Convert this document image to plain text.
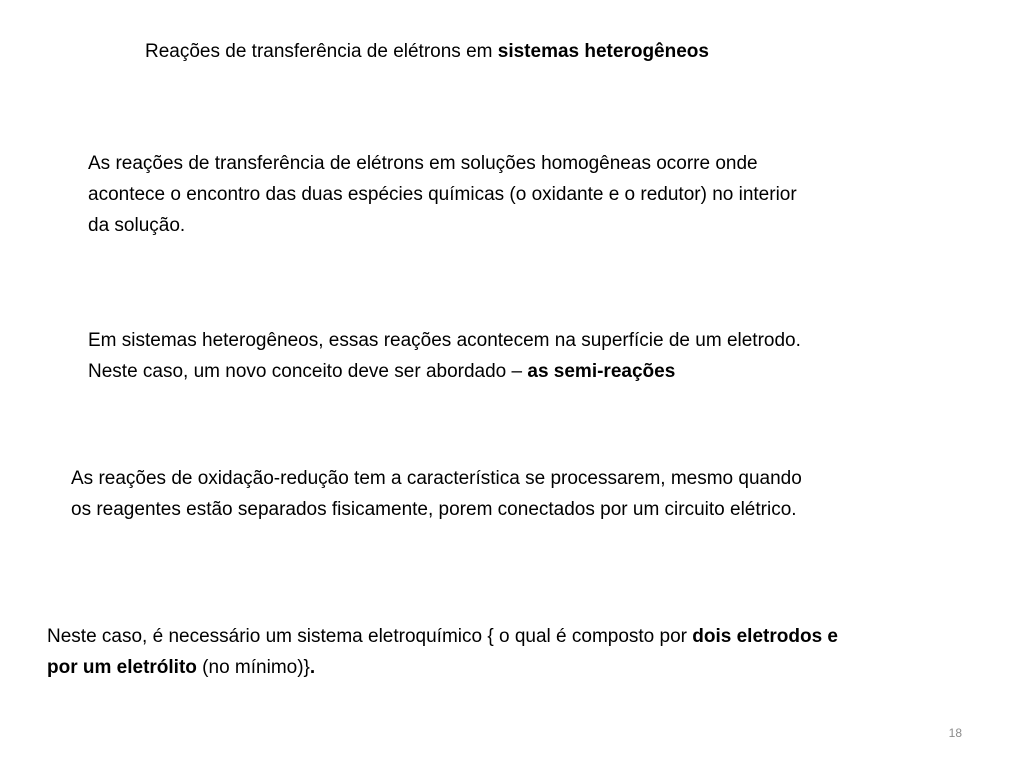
Reações de transferência de elétrons em sistemas heterogêneos
As reações de transferência de elétrons em soluções homogêneas ocorre onde
acontece o encontro das duas espécies químicas (o oxidante e o redutor) no interior
da solução.
Em sistemas heterogêneos, essas reações acontecem na superfície de um eletrodo.
Neste caso, um novo conceito deve ser abordado – as semi-reações
As reações de oxidação-redução tem a característica se processarem, mesmo quando
os reagentes estão separados fisicamente, porem conectados por um circuito elétrico.
Neste caso, é necessário um sistema eletroquímico { o qual é composto por dois eletrodos e
por um eletrólito (no mínimo)}.
18
